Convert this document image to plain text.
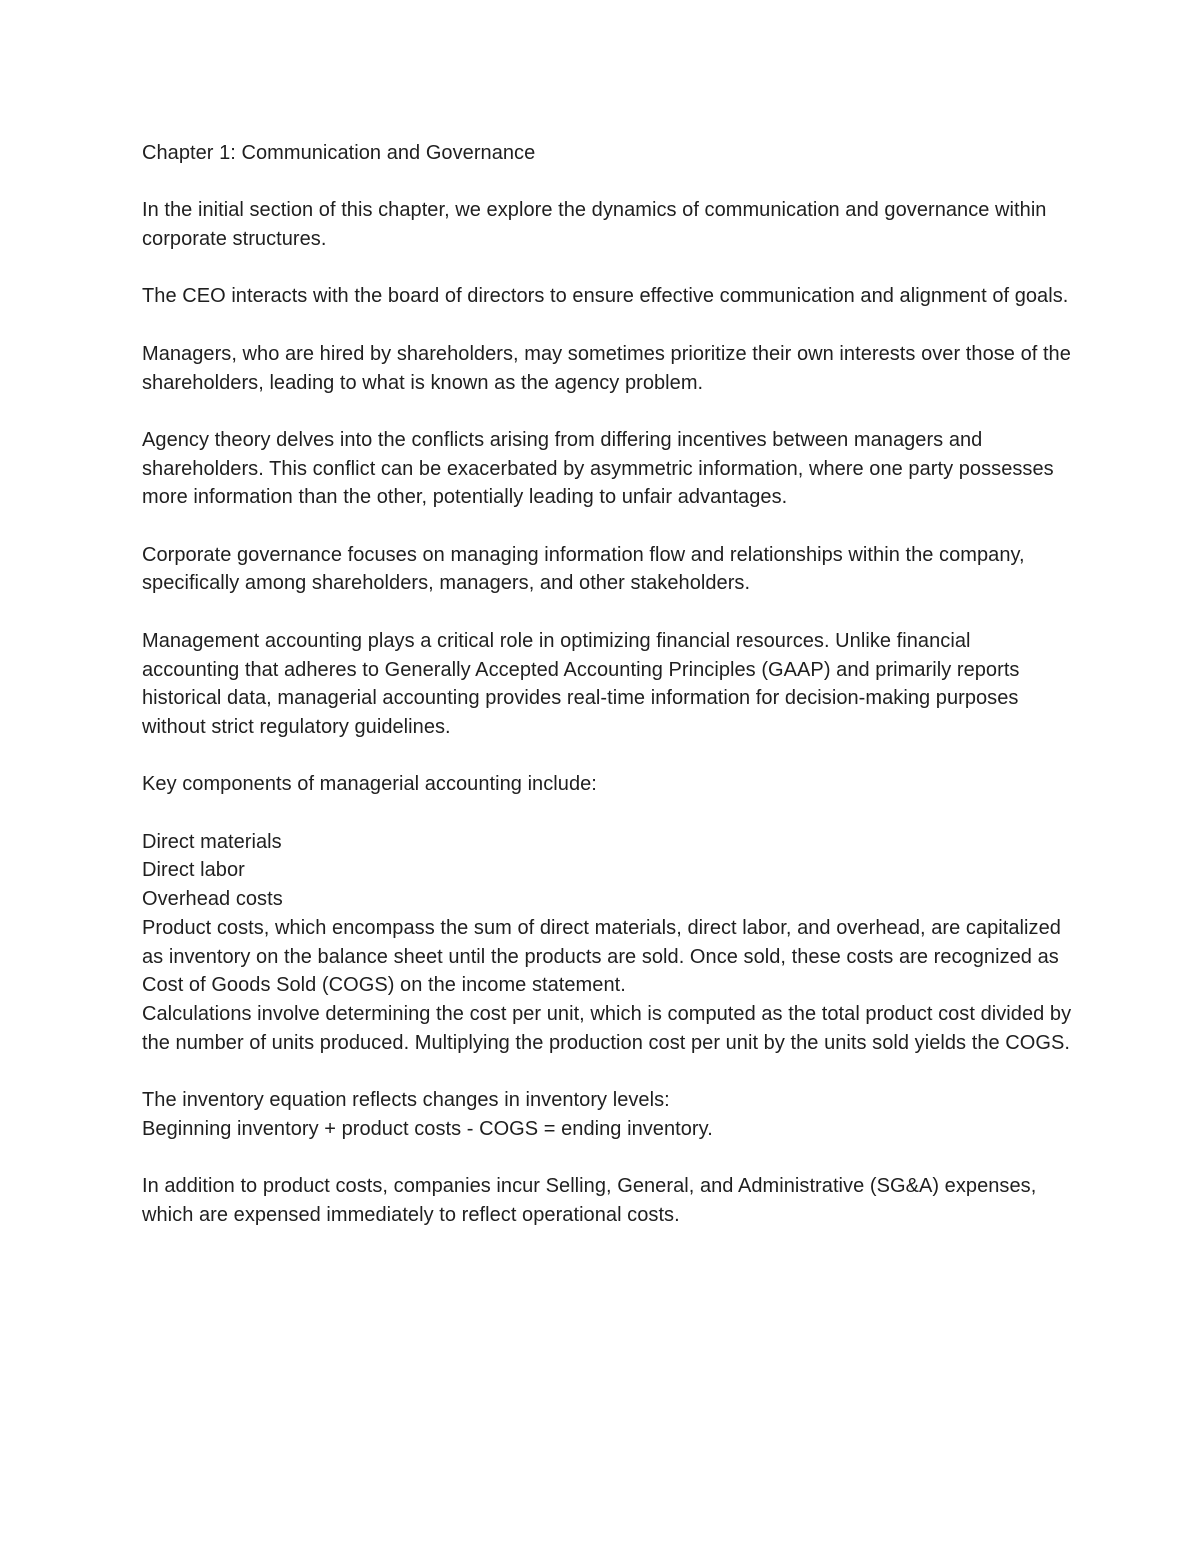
Chapter 1: Communication and Governance

In the initial section of this chapter, we explore the dynamics of communication and governance within corporate structures.

The CEO interacts with the board of directors to ensure effective communication and alignment of goals.

Managers, who are hired by shareholders, may sometimes prioritize their own interests over those of the shareholders, leading to what is known as the agency problem.

Agency theory delves into the conflicts arising from differing incentives between managers and shareholders. This conflict can be exacerbated by asymmetric information, where one party possesses more information than the other, potentially leading to unfair advantages.

Corporate governance focuses on managing information flow and relationships within the company, specifically among shareholders, managers, and other stakeholders.

Management accounting plays a critical role in optimizing financial resources. Unlike financial accounting that adheres to Generally Accepted Accounting Principles (GAAP) and primarily reports historical data, managerial accounting provides real-time information for decision-making purposes without strict regulatory guidelines.

Key components of managerial accounting include:

Direct materials

Direct labor

Overhead costs

Product costs, which encompass the sum of direct materials, direct labor, and overhead, are capitalized as inventory on the balance sheet until the products are sold. Once sold, these costs are recognized as Cost of Goods Sold (COGS) on the income statement.

Calculations involve determining the cost per unit, which is computed as the total product cost divided by the number of units produced. Multiplying the production cost per unit by the units sold yields the COGS.

The inventory equation reflects changes in inventory levels:

Beginning inventory + product costs - COGS = ending inventory.

In addition to product costs, companies incur Selling, General, and Administrative (SG&A) expenses, which are expensed immediately to reflect operational costs.
